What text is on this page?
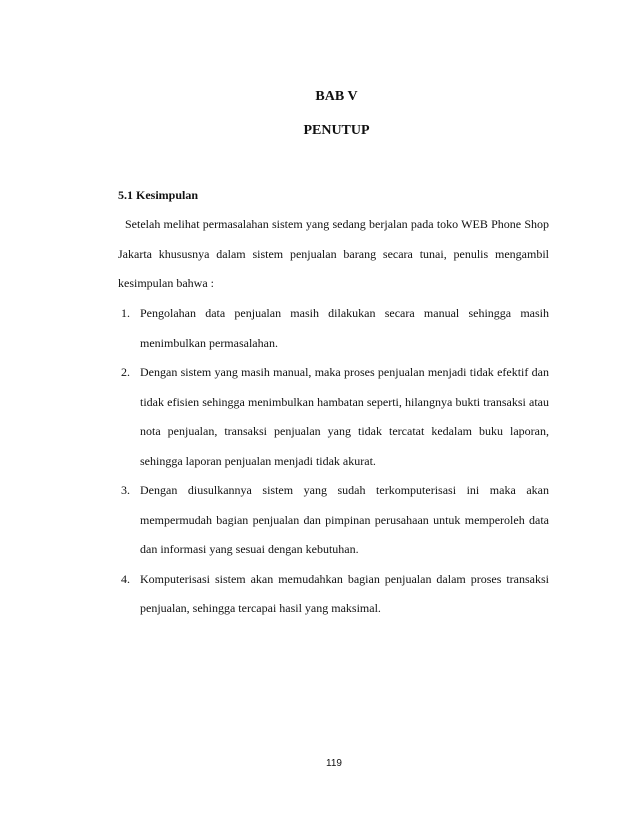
BAB V
PENUTUP
5.1 Kesimpulan

Setelah melihat permasalahan sistem yang sedang berjalan pada toko WEB Phone Shop Jakarta khususnya dalam sistem penjualan barang secara tunai, penulis mengambil kesimpulan bahwa :

1. Pengolahan data penjualan masih dilakukan secara manual sehingga masih menimbulkan permasalahan.
2. Dengan sistem yang masih manual, maka proses penjualan menjadi tidak efektif dan tidak efisien sehingga menimbulkan hambatan seperti, hilangnya bukti transaksi atau nota penjualan, transaksi penjualan yang tidak tercatat kedalam buku laporan, sehingga laporan penjualan menjadi tidak akurat.
3. Dengan diusulkannya sistem yang sudah terkomputerisasi ini maka akan mempermudah bagian penjualan dan pimpinan perusahaan untuk memperoleh data dan informasi yang sesuai dengan kebutuhan.
4. Komputerisasi sistem akan memudahkan bagian penjualan dalam proses transaksi penjualan, sehingga tercapai hasil yang maksimal.
119
